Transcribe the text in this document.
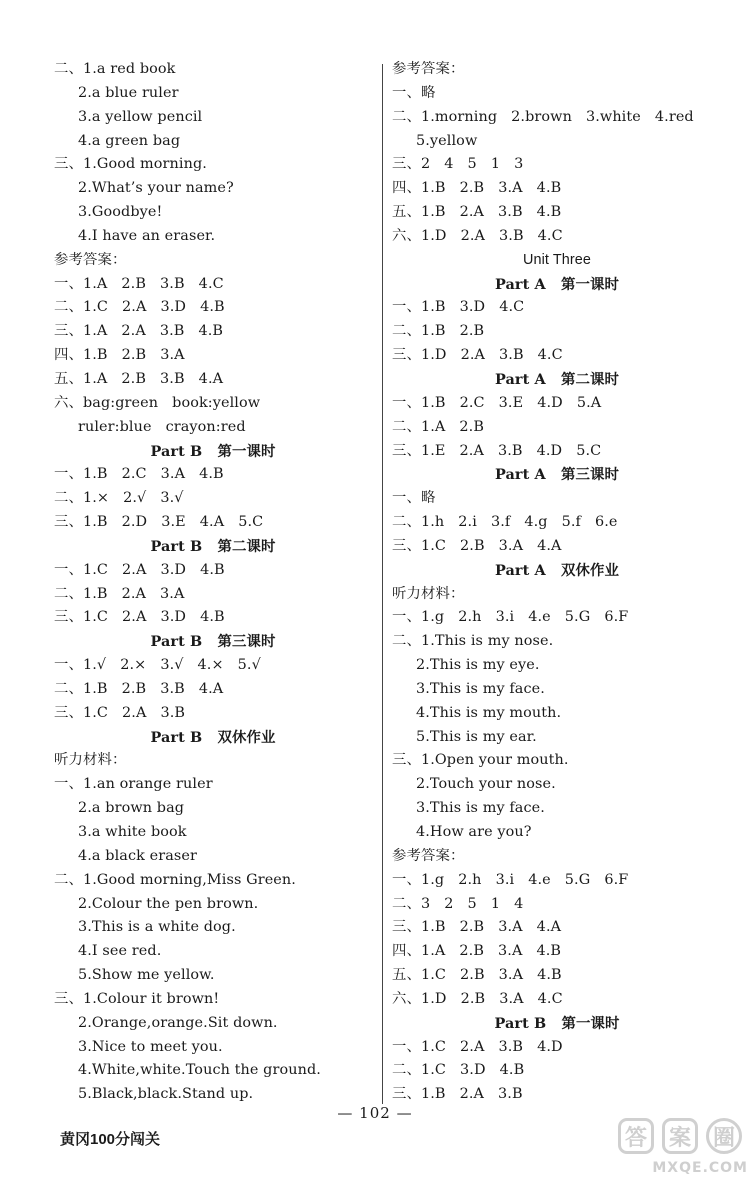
二、1.a red book
2.a blue ruler
3.a yellow pencil
4.a green bag
三、1.Good morning.
2.What’s your name?
3.Goodbye!
4.I have an eraser.
参考答案：
一、1.A   2.B   3.B   4.C
二、1.C   2.A   3.D   4.B
三、1.A   2.A   3.B   4.B
四、1.B   2.B   3.A
五、1.A   2.B   3.B   4.A
六、bag:green   book:yellow
ruler:blue   crayon:red
Part B   第一课时
一、1.B   2.C   3.A   4.B
二、1.×   2.√   3.√
三、1.B   2.D   3.E   4.A   5.C
Part B   第二课时
一、1.C   2.A   3.D   4.B
二、1.B   2.A   3.A
三、1.C   2.A   3.D   4.B
Part B   第三课时
一、1.√   2.×   3.√   4.×   5.√
二、1.B   2.B   3.B   4.A
三、1.C   2.A   3.B
Part B   双休作业
听力材料：
一、1.an orange ruler
2.a brown bag
3.a white book
4.a black eraser
二、1.Good morning,Miss Green.
2.Colour the pen brown.
3.This is a white dog.
4.I see red.
5.Show me yellow.
三、1.Colour it brown!
2.Orange,orange.Sit down.
3.Nice to meet you.
4.White,white.Touch the ground.
5.Black,black.Stand up.
参考答案：
一、略
二、1.morning   2.brown   3.white   4.red
5.yellow
三、2   4   5   1   3
四、1.B   2.B   3.A   4.B
五、1.B   2.A   3.B   4.B
六、1.D   2.A   3.B   4.C
Unit Three
Part A   第一课时
一、1.B   3.D   4.C
二、1.B   2.B
三、1.D   2.A   3.B   4.C
Part A   第二课时
一、1.B   2.C   3.E   4.D   5.A
二、1.A   2.B
三、1.E   2.A   3.B   4.D   5.C
Part A   第三课时
一、略
二、1.h   2.i   3.f   4.g   5.f   6.e
三、1.C   2.B   3.A   4.A
Part A   双休作业
听力材料：
一、1.g   2.h   3.i   4.e   5.G   6.F
二、1.This is my nose.
2.This is my eye.
3.This is my face.
4.This is my mouth.
5.This is my ear.
三、1.Open your mouth.
2.Touch your nose.
3.This is my face.
4.How are you?
参考答案：
一、1.g   2.h   3.i   4.e   5.G   6.F
二、3   2   5   1   4
三、1.B   2.B   3.A   4.A
四、1.A   2.B   3.A   4.B
五、1.C   2.B   3.A   4.B
六、1.D   2.B   3.A   4.C
Part B   第一课时
一、1.C   2.A   3.B   4.D
二、1.C   3.D   4.B
三、1.B   2.A   3.B
— 102 —
黄冈100分闯关	答 案 圈
MXQE.COM
